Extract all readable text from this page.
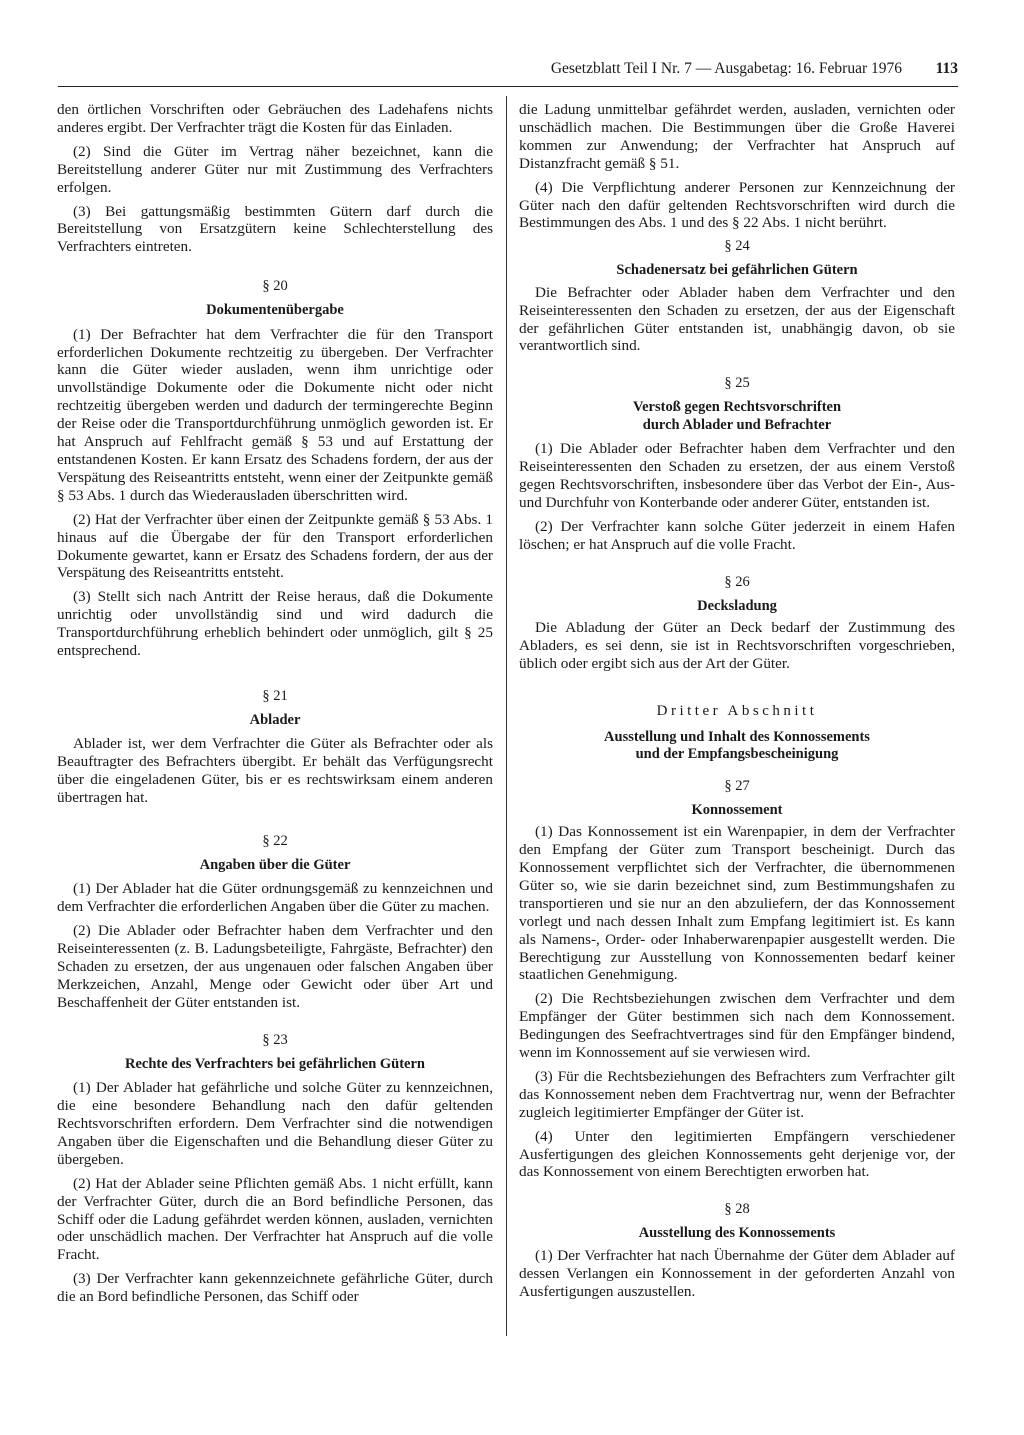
Gesetzblatt Teil I Nr. 7 — Ausgabetag: 16. Februar 1976 113

den örtlichen Vorschriften oder Gebräuchen des Ladehafens nichts anderes ergibt. Der Verfrachter trägt die Kosten für das Einladen.

(2) Sind die Güter im Vertrag näher bezeichnet, kann die Bereitstellung anderer Güter nur mit Zustimmung des Verfrachters erfolgen.

(3) Bei gattungsmäßig bestimmten Gütern darf durch die Bereitstellung von Ersatzgütern keine Schlechterstellung des Verfrachters eintreten.

§ 20

Dokumentenübergabe

(1) Der Befrachter hat dem Verfrachter die für den Transport erforderlichen Dokumente rechtzeitig zu übergeben. Der Verfrachter kann die Güter wieder ausladen, wenn ihm unrichtige oder unvollständige Dokumente oder die Dokumente nicht oder nicht rechtzeitig übergeben werden und dadurch der termingerechte Beginn der Reise oder die Transportdurchführung unmöglich geworden ist. Er hat Anspruch auf Fehlfracht gemäß § 53 und auf Erstattung der entstandenen Kosten. Er kann Ersatz des Schadens fordern, der aus der Verspätung des Reiseantritts entsteht, wenn einer der Zeitpunkte gemäß § 53 Abs. 1 durch das Wiederausladen überschritten wird.

(2) Hat der Verfrachter über einen der Zeitpunkte gemäß § 53 Abs. 1 hinaus auf die Übergabe der für den Transport erforderlichen Dokumente gewartet, kann er Ersatz des Schadens fordern, der aus der Verspätung des Reiseantritts entsteht.

(3) Stellt sich nach Antritt der Reise heraus, daß die Dokumente unrichtig oder unvollständig sind und wird dadurch die Transportdurchführung erheblich behindert oder unmöglich, gilt § 25 entsprechend.

§ 21

Ablader

Ablader ist, wer dem Verfrachter die Güter als Befrachter oder als Beauftragter des Befrachters übergibt. Er behält das Verfügungsrecht über die eingeladenen Güter, bis er es rechtswirksam einem anderen übertragen hat.

§ 22

Angaben über die Güter

(1) Der Ablader hat die Güter ordnungsgemäß zu kennzeichnen und dem Verfrachter die erforderlichen Angaben über die Güter zu machen.

(2) Die Ablader oder Befrachter haben dem Verfrachter und den Reiseinteressenten (z. B. Ladungsbeteiligte, Fahrgäste, Befrachter) den Schaden zu ersetzen, der aus ungenauen oder falschen Angaben über Merkzeichen, Anzahl, Menge oder Gewicht oder über Art und Beschaffenheit der Güter entstanden ist.

§ 23

Rechte des Verfrachters bei gefährlichen Gütern

(1) Der Ablader hat gefährliche und solche Güter zu kennzeichnen, die eine besondere Behandlung nach den dafür geltenden Rechtsvorschriften erfordern. Dem Verfrachter sind die notwendigen Angaben über die Eigenschaften und die Behandlung dieser Güter zu übergeben.

(2) Hat der Ablader seine Pflichten gemäß Abs. 1 nicht erfüllt, kann der Verfrachter Güter, durch die an Bord befindliche Personen, das Schiff oder die Ladung gefährdet werden können, ausladen, vernichten oder unschädlich machen. Der Verfrachter hat Anspruch auf die volle Fracht.

(3) Der Verfrachter kann gekennzeichnete gefährliche Güter, durch die an Bord befindliche Personen, das Schiff oder

die Ladung unmittelbar gefährdet werden, ausladen, vernichten oder unschädlich machen. Die Bestimmungen über die Große Haverei kommen zur Anwendung; der Verfrachter hat Anspruch auf Distanzfracht gemäß § 51.

(4) Die Verpflichtung anderer Personen zur Kennzeichnung der Güter nach den dafür geltenden Rechtsvorschriften wird durch die Bestimmungen des Abs. 1 und des § 22 Abs. 1 nicht berührt.

§ 24

Schadenersatz bei gefährlichen Gütern

Die Befrachter oder Ablader haben dem Verfrachter und den Reiseinteressenten den Schaden zu ersetzen, der aus der Eigenschaft der gefährlichen Güter entstanden ist, unabhängig davon, ob sie verantwortlich sind.

§ 25

Verstoß gegen Rechtsvorschriften

durch Ablader und Befrachter

(1) Die Ablader oder Befrachter haben dem Verfrachter und den Reiseinteressenten den Schaden zu ersetzen, der aus einem Verstoß gegen Rechtsvorschriften, insbesondere über das Verbot der Ein-, Aus- und Durchfuhr von Konterbande oder anderer Güter, entstanden ist.

(2) Der Verfrachter kann solche Güter jederzeit in einem Hafen löschen; er hat Anspruch auf die volle Fracht.

§ 26

Decksladung

Die Abladung der Güter an Deck bedarf der Zustimmung des Abladers, es sei denn, sie ist in Rechtsvorschriften vorgeschrieben, üblich oder ergibt sich aus der Art der Güter.

Dritter Abschnitt

Ausstellung und Inhalt des Konnossements

und der Empfangsbescheinigung

§ 27

Konnossement

(1) Das Konnossement ist ein Warenpapier, in dem der Verfrachter den Empfang der Güter zum Transport bescheinigt. Durch das Konnossement verpflichtet sich der Verfrachter, die übernommenen Güter so, wie sie darin bezeichnet sind, zum Bestimmungshafen zu transportieren und sie nur an den abzuliefern, der das Konnossement vorlegt und nach dessen Inhalt zum Empfang legitimiert ist. Es kann als Namens-, Order- oder Inhaberwarenpapier ausgestellt werden. Die Berechtigung zur Ausstellung von Konnossementen bedarf keiner staatlichen Genehmigung.

(2) Die Rechtsbeziehungen zwischen dem Verfrachter und dem Empfänger der Güter bestimmen sich nach dem Konnossement. Bedingungen des Seefrachtvertrages sind für den Empfänger bindend, wenn im Konnossement auf sie verwiesen wird.

(3) Für die Rechtsbeziehungen des Befrachters zum Verfrachter gilt das Konnossement neben dem Frachtvertrag nur, wenn der Befrachter zugleich legitimierter Empfänger der Güter ist.

(4) Unter den legitimierten Empfängern verschiedener Ausfertigungen des gleichen Konnossements geht derjenige vor, der das Konnossement von einem Berechtigten erworben hat.

§ 28

Ausstellung des Konnossements

(1) Der Verfrachter hat nach Übernahme der Güter dem Ablader auf dessen Verlangen ein Konnossement in der geforderten Anzahl von Ausfertigungen auszustellen.
